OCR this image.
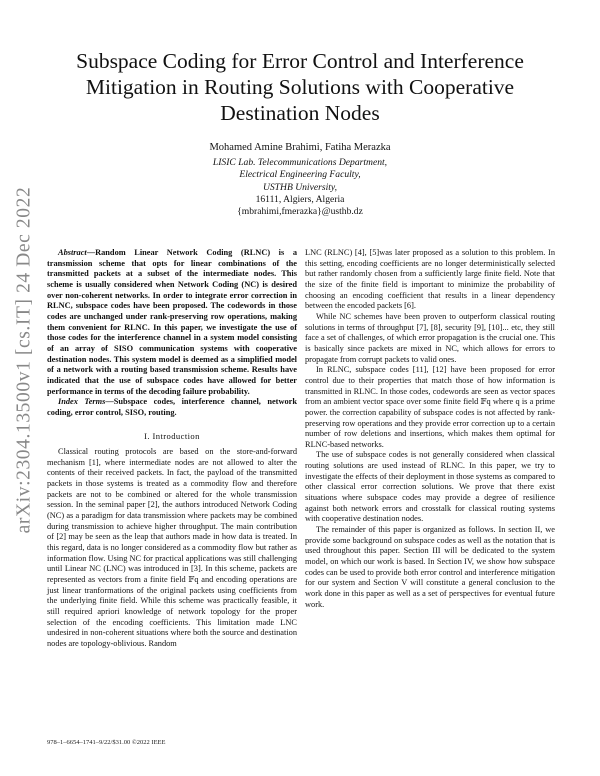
arXiv:2304.13500v1 [cs.IT] 24 Dec 2022
Subspace Coding for Error Control and Interference Mitigation in Routing Solutions with Cooperative Destination Nodes
Mohamed Amine Brahimi, Fatiha Merazka
LISIC Lab. Telecommunications Department,
Electrical Engineering Faculty,
USTHB University,
16111, Algiers, Algeria
{mbrahimi,fmerazka}@usthb.dz

Abstract—Random Linear Network Coding (RLNC) is a transmission scheme that opts for linear combinations of the transmitted packets at a subset of the intermediate nodes. This scheme is usually considered when Network Coding (NC) is desired over non-coherent networks. In order to integrate error correction in RLNC, subspace codes have been proposed. The codewords in those codes are unchanged under rank-preserving row operations, making them convenient for RLNC. In this paper, we investigate the use of those codes for the interference channel in a system model consisting of an array of SISO communication systems with cooperative destination nodes. This system model is deemed as a simplified model of a network with a routing based transmission scheme. Results have indicated that the use of subspace codes have allowed for better performance in terms of the decoding failure probability.

Index Terms—Subspace codes, interference channel, network coding, error control, SISO, routing.

I. Introduction

Classical routing protocols are based on the store-and-forward mechanism [1], where intermediate nodes are not allowed to alter the contents of their received packets. In fact, the payload of the transmitted packets in those systems is treated as a commodity flow and therefore packets are not to be combined or altered for the whole transmission session. In the seminal paper [2], the authors introduced Network Coding (NC) as a paradigm for data transmission where packets may be combined during transmission to achieve higher throughput. The main contribution of [2] may be seen as the leap that authors made in how data is treated. In this regard, data is no longer considered as a commodity flow but rather as information flow. Using NC for practical applications was still challenging until Linear NC (LNC) was introduced in [3]. In this scheme, packets are represented as vectors from a finite field 𝔽q and encoding operations are just linear tranformations of the original packets using coefficients from the underlying finite field. While this scheme was practically feasible, it still required apriori knowledge of network topology for the proper selection of the encoding coefficients. This limitation made LNC undesired in non-coherent situations where both the source and destination nodes are topology-oblivious. Random

LNC (RLNC) [4], [5]was later proposed as a solution to this problem. In this setting, encoding coefficients are no longer deterministically selected but rather randomly chosen from a sufficiently large finite field. Note that the size of the finite field is important to minimize the probability of choosing an encoding coefficient that results in a linear dependency between the encoded packets [6].

While NC schemes have been proven to outperform classical routing solutions in terms of throughput [7], [8], security [9], [10]... etc, they still face a set of challenges, of which error propagation is the crucial one. This is basically since packets are mixed in NC, which allows for errors to propagate from corrupt packets to valid ones.

In RLNC, subspace codes [11], [12] have been proposed for error control due to their properties that match those of how information is transmitted in RLNC. In those codes, codewords are seen as vector spaces from an ambient vector space over some finite field 𝔽q where q is a prime power. the correction capability of subspace codes is not affected by rank-preserving row operations and they provide error correction up to a certain number of row deletions and insertions, which makes them optimal for RLNC-based networks.

The use of subspace codes is not generally considered when classical routing solutions are used instead of RLNC. In this paper, we try to investigate the effects of their deployment in those systems as compared to other classical error correction solutions. We prove that there exist situations where subspace codes may provide a degree of resilience against both network errors and crosstalk for classical routing systems with cooperative destination nodes.

The remainder of this paper is organized as follows. In section II, we provide some background on subspace codes as well as the notation that is used throughout this paper. Section III will be dedicated to the system model, on which our work is based. In Section IV, we show how subspace codes can be used to provide both error control and interference mitigation for our system and Section V will constitute a general conclusion to the work done in this paper as well as a set of perspectives for eventual future work.

978–1–6654–1741–9/22/$31.00 ©2022 IEEE
